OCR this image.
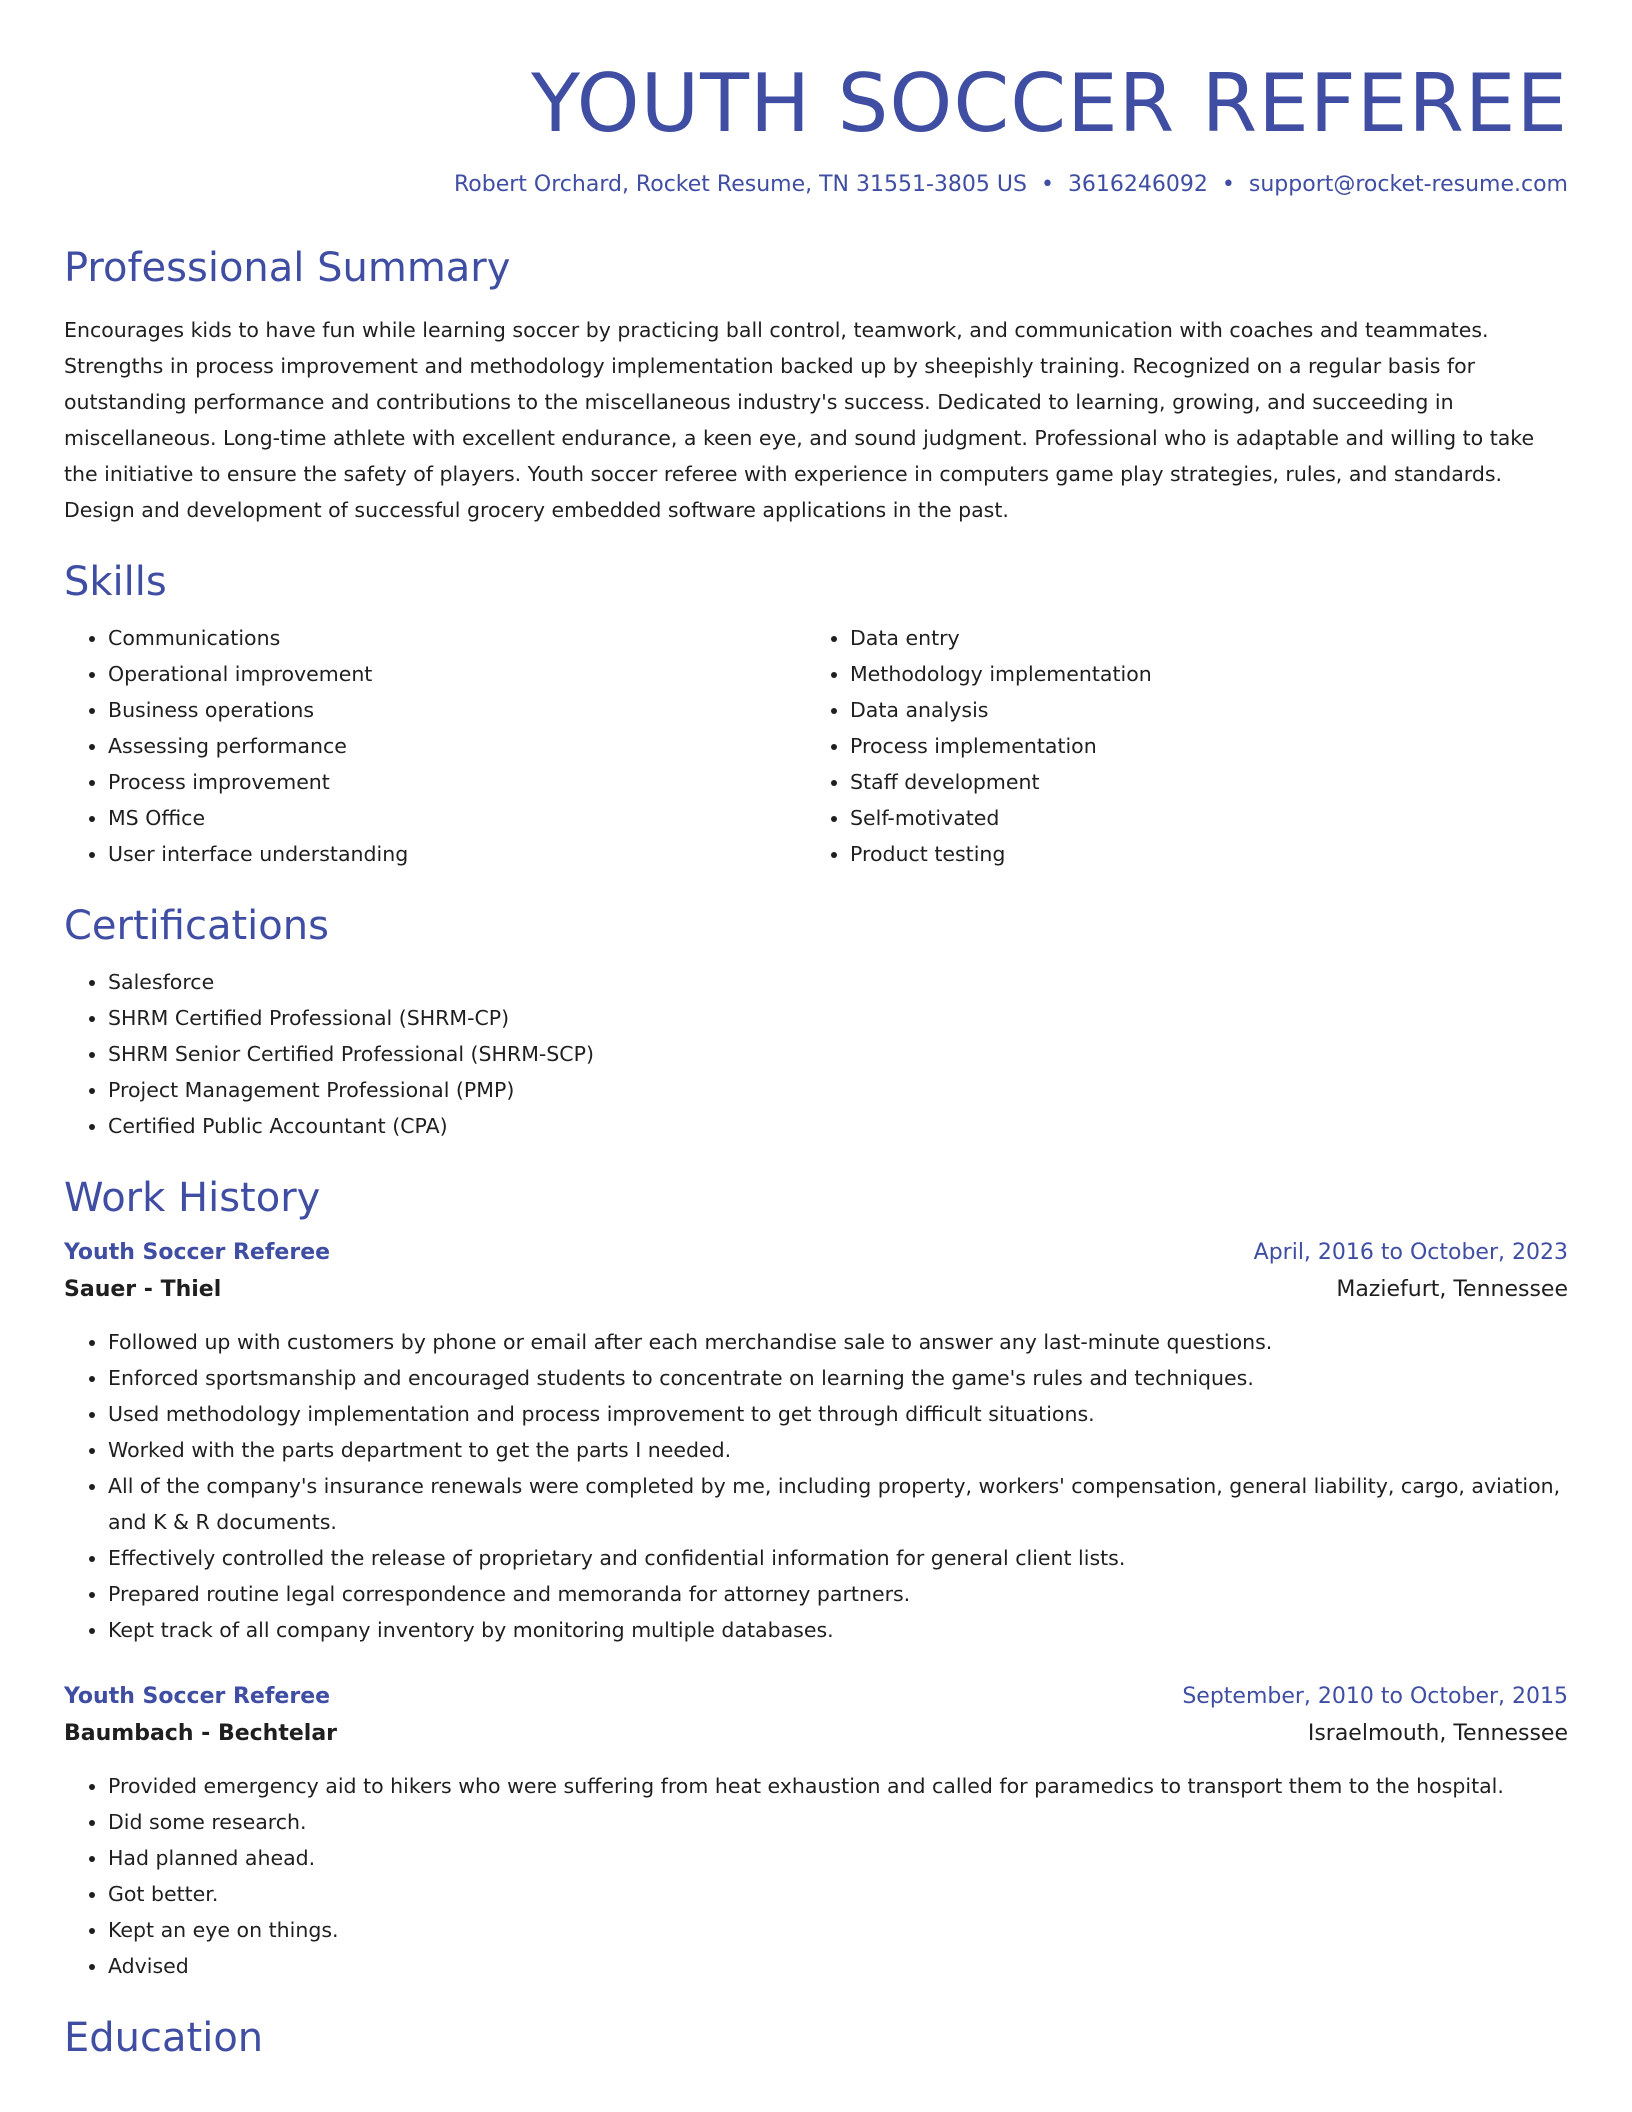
YOUTH SOCCER REFEREE
Robert Orchard, Rocket Resume, TN 31551-3805 US • 3616246092 • support@rocket-resume.com
Professional Summary
Encourages kids to have fun while learning soccer by practicing ball control, teamwork, and communication with coaches and teammates. Strengths in process improvement and methodology implementation backed up by sheepishly training. Recognized on a regular basis for outstanding performance and contributions to the miscellaneous industry's success. Dedicated to learning, growing, and succeeding in miscellaneous. Long-time athlete with excellent endurance, a keen eye, and sound judgment. Professional who is adaptable and willing to take the initiative to ensure the safety of players. Youth soccer referee with experience in computers game play strategies, rules, and standards. Design and development of successful grocery embedded software applications in the past.
Skills
• Communications
• Operational improvement
• Business operations
• Assessing performance
• Process improvement
• MS Office
• User interface understanding
• Data entry
• Methodology implementation
• Data analysis
• Process implementation
• Staff development
• Self-motivated
• Product testing
Certifications
• Salesforce
• SHRM Certified Professional (SHRM-CP)
• SHRM Senior Certified Professional (SHRM-SCP)
• Project Management Professional (PMP)
• Certified Public Accountant (CPA)
Work History
Youth Soccer Referee	April, 2016 to October, 2023
Sauer - Thiel	Maziefurt, Tennessee
• Followed up with customers by phone or email after each merchandise sale to answer any last-minute questions.
• Enforced sportsmanship and encouraged students to concentrate on learning the game's rules and techniques.
• Used methodology implementation and process improvement to get through difficult situations.
• Worked with the parts department to get the parts I needed.
• All of the company's insurance renewals were completed by me, including property, workers' compensation, general liability, cargo, aviation, and K & R documents.
• Effectively controlled the release of proprietary and confidential information for general client lists.
• Prepared routine legal correspondence and memoranda for attorney partners.
• Kept track of all company inventory by monitoring multiple databases.
Youth Soccer Referee	September, 2010 to October, 2015
Baumbach - Bechtelar	Israelmouth, Tennessee
• Provided emergency aid to hikers who were suffering from heat exhaustion and called for paramedics to transport them to the hospital.
• Did some research.
• Had planned ahead.
• Got better.
• Kept an eye on things.
• Advised
Education
